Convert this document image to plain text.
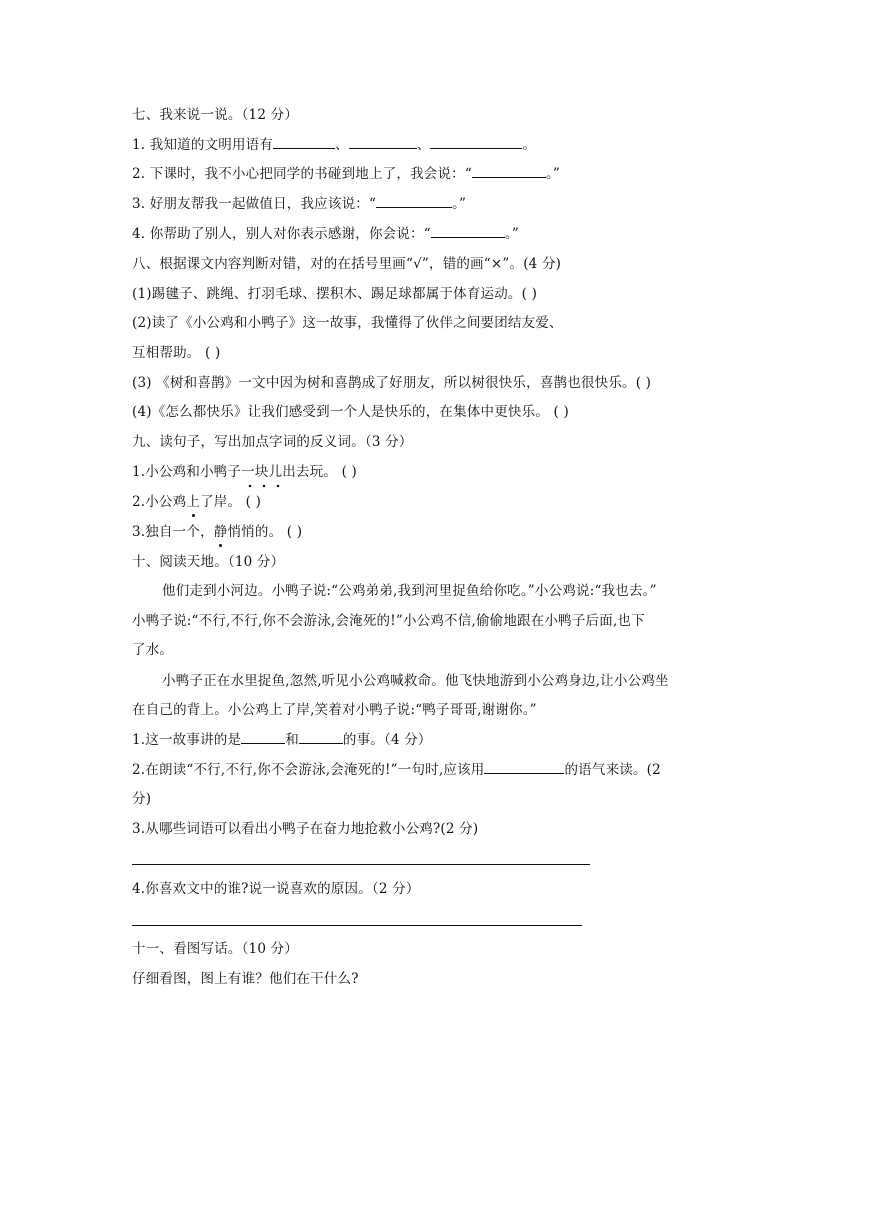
七、我来说一说。（12 分）
1. 我知道的文明用语有	、	、	。
2. 下课时，我不小心把同学的书碰到地上了，我会说：“	。”
3. 好朋友帮我一起做值日，我应该说：“	。”
4. 你帮助了别人，别人对你表示感谢，你会说：“	。”
八、根据课文内容判断对错，对的在括号里画“√”，错的画“×”。(4 分)
(1)踢毽子、跳绳、打羽毛球、摆积木、踢足球都属于体育运动。( )
(2)读了《小公鸡和小鸭子》这一故事，我懂得了伙伴之间要团结友爱、
互相帮助。 ( )
(3) 《树和喜鹊》一文中因为树和喜鹊成了好朋友，所以树很快乐，喜鹊也很快乐。( )
(4)《怎么都快乐》让我们感受到一个人是快乐的，在集体中更快乐。 ( )
九、读句子，写出加点字词的反义词。（3 分）
1.小公鸡和小鸭子一块儿出去玩。 ( )
2.小公鸡上了岸。 ( )
3.独自一个，静悄悄的。 ( )
十、阅读天地。（10 分）
他们走到小河边。小鸭子说:“公鸡弟弟,我到河里捉鱼给你吃。”小公鸡说:“我也去。”
小鸭子说:“不行,不行,你不会游泳,会淹死的!”小公鸡不信,偷偷地跟在小鸭子后面,也下
了水。
小鸭子正在水里捉鱼,忽然,听见小公鸡喊救命。他飞快地游到小公鸡身边,让小公鸡坐
在自己的背上。小公鸡上了岸,笑着对小鸭子说:“鸭子哥哥,谢谢你。”
1.这一故事讲的是	和	的事。（4 分）
2.在朗读“不行,不行,你不会游泳,会淹死的!”一句时,应该用	的语气来读。(2
分)
3.从哪些词语可以看出小鸭子在奋力地抢救小公鸡?(2 分)
4.你喜欢文中的谁?说一说喜欢的原因。（2 分）
十一、看图写话。（10 分）
仔细看图，图上有谁？他们在干什么?
